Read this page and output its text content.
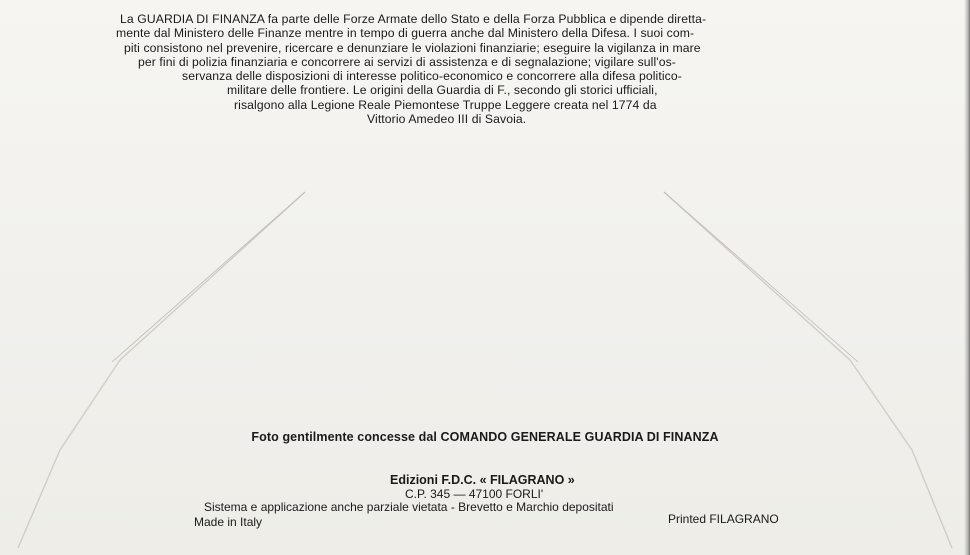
La GUARDIA DI FINANZA fa parte delle Forze Armate dello Stato e della Forza Pubblica e dipende diretta-
mente dal Ministero delle Finanze mentre in tempo di guerra anche dal Ministero della Difesa. I suoi com-
piti consistono nel prevenire, ricercare e denunziare le violazioni finanziarie; eseguire la vigilanza in mare
per fini di polizia finanziaria e concorrere ai servizi di assistenza e di segnalazione; vigilare sull'os-
servanza delle disposizioni di interesse politico-economico e concorrere alla difesa politico-
militare delle frontiere. Le origini della Guardia di F., secondo gli storici ufficiali,
risalgono alla Legione Reale Piemontese Truppe Leggere creata nel 1774 da
Vittorio Amedeo III di Savoia.
Foto gentilmente concesse dal COMANDO GENERALE GUARDIA DI FINANZA
Edizioni F.D.C. « FILAGRANO »
C.P. 345 — 47100 FORLI'
Sistema e applicazione anche parziale vietata - Brevetto e Marchio depositati
Made in Italy	Printed FILAGRANO
